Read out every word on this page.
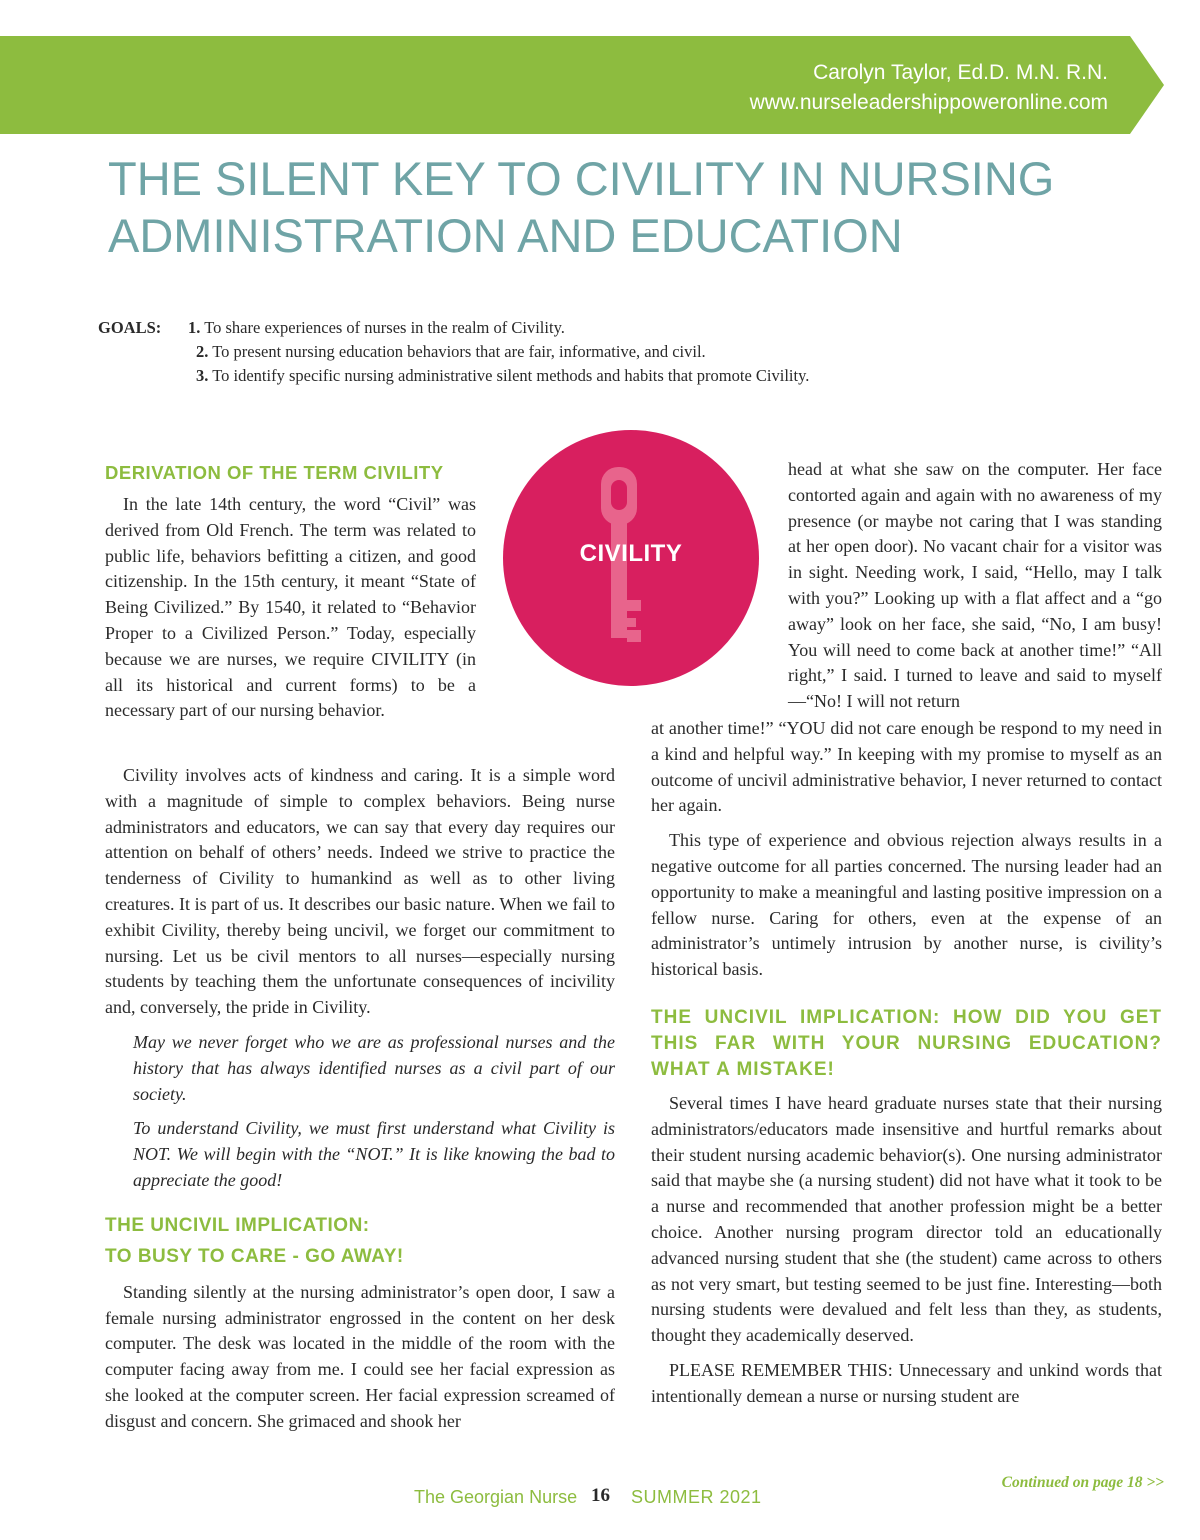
Carolyn Taylor, Ed.D. M.N. R.N.
www.nurseleadershippoweronline.com
THE SILENT KEY TO CIVILITY IN NURSING
ADMINISTRATION AND EDUCATION
GOALS: 1. To share experiences of nurses in the realm of Civility.
2. To present nursing education behaviors that are fair, informative, and civil.
3. To identify specific nursing administrative silent methods and habits that promote Civility.
CIVILITY
DERIVATION OF THE TERM CIVILITY

In the late 14th century, the word “Civil” was derived from Old French. The term was related to public life, behaviors befitting a citizen, and good citizenship. In the 15th century, it meant “State of Being Civilized.” By 1540, it related to “Behavior Proper to a Civilized Person.” Today, especially because we are nurses, we require CIVILITY (in all its historical and current forms) to be a necessary part of our nursing behavior.

Civility involves acts of kindness and caring. It is a simple word with a magnitude of simple to complex behaviors. Being nurse administrators and educators, we can say that every day requires our attention on behalf of others’ needs. Indeed we strive to practice the tenderness of Civility to humankind as well as to other living creatures. It is part of us. It describes our basic nature. When we fail to exhibit Civility, thereby being uncivil, we forget our commitment to nursing. Let us be civil mentors to all nurses—especially nursing students by teaching them the unfortunate consequences of incivility and, conversely, the pride in Civility.

May we never forget who we are as professional nurses and the history that has always identified nurses as a civil part of our society.

To understand Civility, we must first understand what Civility is NOT. We will begin with the “NOT.” It is like knowing the bad to appreciate the good!

THE UNCIVIL IMPLICATION:
TO BUSY TO CARE - GO AWAY!

Standing silently at the nursing administrator’s open door, I saw a female nursing administrator engrossed in the content on her desk computer. The desk was located in the middle of the room with the computer facing away from me. I could see her facial expression as she looked at the computer screen. Her facial expression screamed of disgust and concern. She grimaced and shook her

head at what she saw on the computer. Her face contorted again and again with no awareness of my presence (or maybe not caring that I was standing at her open door). No vacant chair for a visitor was in sight. Needing work, I said, “Hello, may I talk with you?” Looking up with a flat affect and a “go away” look on her face, she said, “No, I am busy! You will need to come back at another time!” “All right,” I said. I turned to leave and said to myself—“No! I will not return

at another time!” “YOU did not care enough be respond to my need in a kind and helpful way.” In keeping with my promise to myself as an outcome of uncivil administrative behavior, I never returned to contact her again.

This type of experience and obvious rejection always results in a negative outcome for all parties concerned. The nursing leader had an opportunity to make a meaningful and lasting positive impression on a fellow nurse. Caring for others, even at the expense of an administrator’s untimely intrusion by another nurse, is civility’s historical basis.

THE UNCIVIL IMPLICATION: HOW DID YOU GET THIS FAR WITH YOUR NURSING EDUCATION? WHAT A MISTAKE!

Several times I have heard graduate nurses state that their nursing administrators/educators made insensitive and hurtful remarks about their student nursing academic behavior(s). One nursing administrator said that maybe she (a nursing student) did not have what it took to be a nurse and recommended that another profession might be a better choice. Another nursing program director told an educationally advanced nursing student that she (the student) came across to others as not very smart, but testing seemed to be just fine. Interesting—both nursing students were devalued and felt less than they, as students, thought they academically deserved.

PLEASE REMEMBER THIS: Unnecessary and unkind words that intentionally demean a nurse or nursing student are

Continued on page 18 >>
The Georgian Nurse 16 SUMMER 2021
